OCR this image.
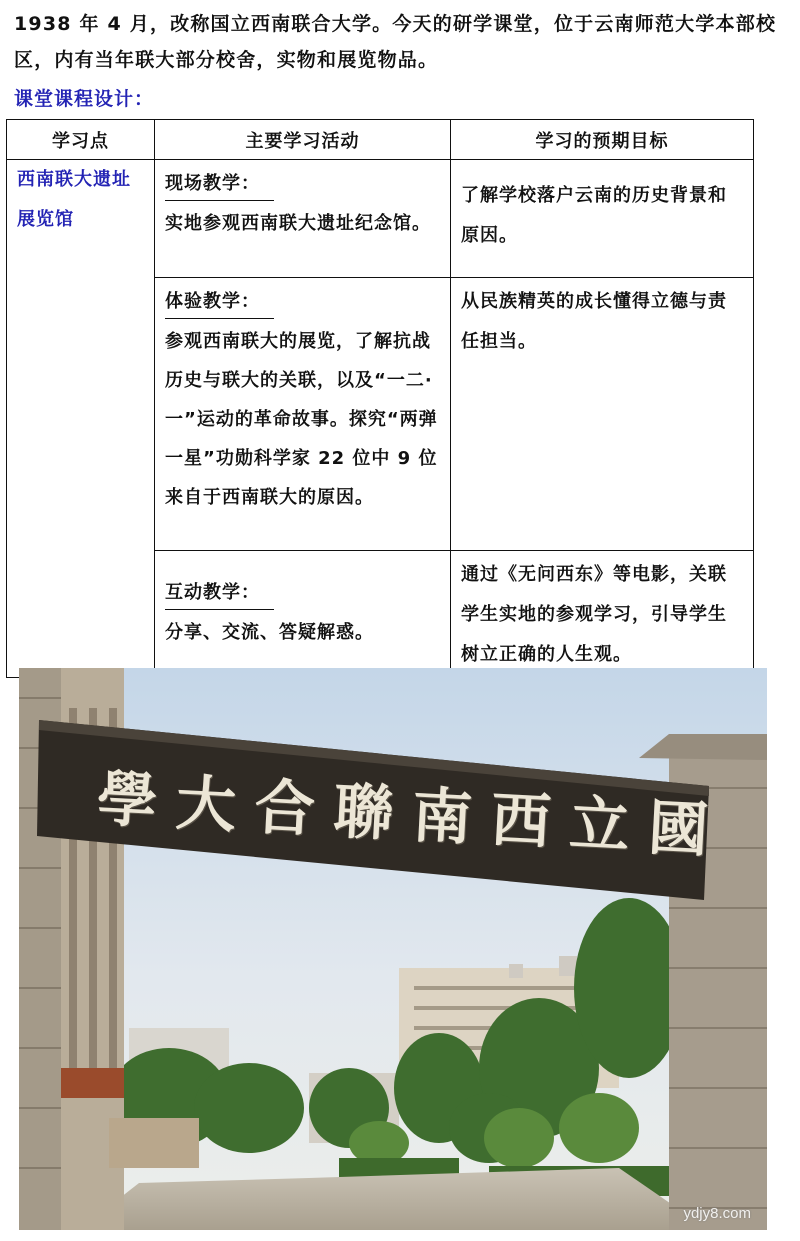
1938 年 4 月，改称国立西南联合大学。今天的研学课堂，位于云南师范大学本部校区，内有当年联大部分校舍，实物和展览物品。
课堂课程设计：
学习点	主要学习活动	学习的预期目标
西南联大遗址展览馆	现场教学：
实地参观西南联大遗址纪念馆。	了解学校落户云南的历史背景和原因。
	体验教学：
参观西南联大的展览，了解抗战历史与联大的关联，以及“一二·一”运动的革命故事。探究“两弹一星”功勋科学家 22 位中 9 位来自于西南联大的原因。	从民族精英的成长懂得立德与责任担当。
	互动教学：
分享、交流、答疑解惑。	通过《无问西东》等电影，关联学生实地的参观学习，引导学生树立正确的人生观。
學 大 合 聯 南 西 立 國
ydjy8.com
